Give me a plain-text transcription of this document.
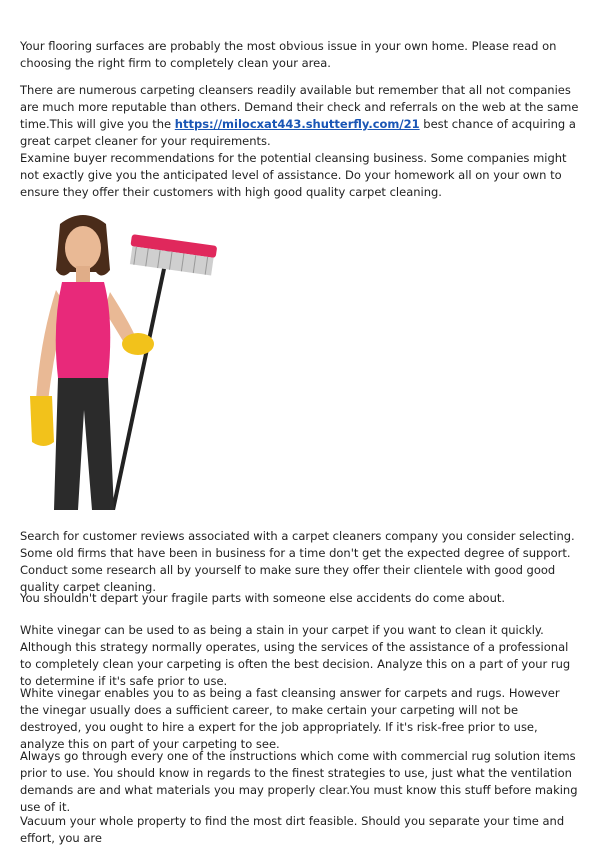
Your flooring surfaces are probably the most obvious issue in your own home. Please read on choosing the right firm to completely clean your area.

There are numerous carpeting cleansers readily available but remember that all not companies are much more reputable than others. Demand their check and referrals on the web at the same time.This will give you the https://milocxat443.shutterfly.com/21 best chance of acquiring a great carpet cleaner for your requirements.

Examine buyer recommendations for the potential cleansing business. Some companies might not exactly give you the anticipated level of assistance. Do your homework all on your own to ensure they offer their customers with high good quality carpet cleaning.

Search for customer reviews associated with a carpet cleaners company you consider selecting. Some old firms that have been in business for a time don't get the expected degree of support. Conduct some research all by yourself to make sure they offer their clientele with good good quality carpet cleaning.

You shouldn't depart your fragile parts with someone else accidents do come about.

White vinegar can be used to as being a stain in your carpet if you want to clean it quickly. Although this strategy normally operates, using the services of the assistance of a professional to completely clean your carpeting is often the best decision. Analyze this on a part of your rug to determine if it's safe prior to use.

White vinegar enables you to as being a fast cleansing answer for carpets and rugs. However the vinegar usually does a sufficient career, to make certain your carpeting will not be destroyed, you ought to hire a expert for the job appropriately. If it's risk-free prior to use, analyze this on part of your carpeting to see.

Always go through every one of the instructions which come with commercial rug solution items prior to use. You should know in regards to the finest strategies to use, just what the ventilation demands are and what materials you may properly clear.You must know this stuff before making use of it.

Vacuum your whole property to find the most dirt feasible. Should you separate your time and effort, you are
